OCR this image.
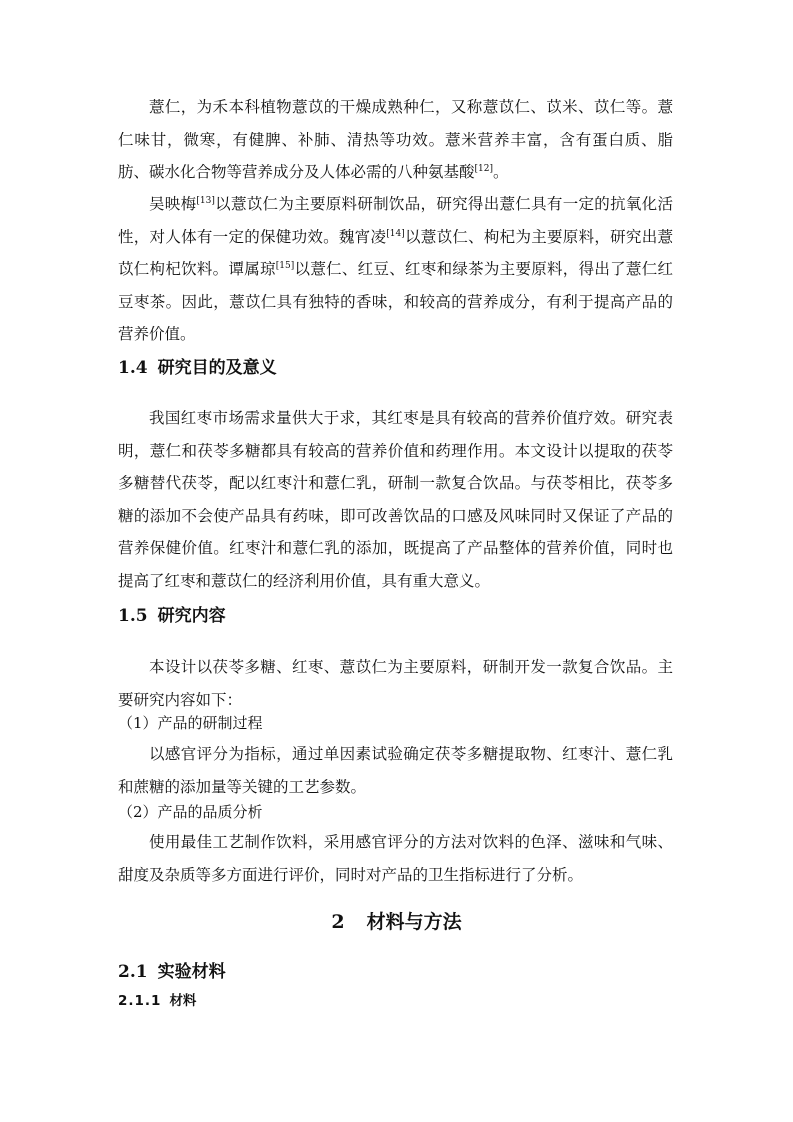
薏仁，为禾本科植物薏苡的干燥成熟种仁，又称薏苡仁、苡米、苡仁等。薏仁味甘，微寒，有健脾、补肺、清热等功效。薏米营养丰富，含有蛋白质、脂肪、碳水化合物等营养成分及人体必需的八种氨基酸[12]。

吴映梅[13]以薏苡仁为主要原料研制饮品，研究得出薏仁具有一定的抗氧化活性，对人体有一定的保健功效。魏宵凌[14]以薏苡仁、枸杞为主要原料，研究出薏苡仁枸杞饮料。谭属琼[15]以薏仁、红豆、红枣和绿茶为主要原料，得出了薏仁红豆枣茶。因此，薏苡仁具有独特的香味，和较高的营养成分，有利于提高产品的营养价值。

1.4 研究目的及意义

我国红枣市场需求量供大于求，其红枣是具有较高的营养价值疗效。研究表明，薏仁和茯苓多糖都具有较高的营养价值和药理作用。本文设计以提取的茯苓多糖替代茯苓，配以红枣汁和薏仁乳，研制一款复合饮品。与茯苓相比，茯苓多糖的添加不会使产品具有药味，即可改善饮品的口感及风味同时又保证了产品的营养保健价值。红枣汁和薏仁乳的添加，既提高了产品整体的营养价值，同时也提高了红枣和薏苡仁的经济利用价值，具有重大意义。

1.5 研究内容

本设计以茯苓多糖、红枣、薏苡仁为主要原料，研制开发一款复合饮品。主要研究内容如下：

（1）产品的研制过程

以感官评分为指标，通过单因素试验确定茯苓多糖提取物、红枣汁、薏仁乳和蔗糖的添加量等关键的工艺参数。

（2）产品的品质分析

使用最佳工艺制作饮料，采用感官评分的方法对饮料的色泽、滋味和气味、甜度及杂质等多方面进行评价，同时对产品的卫生指标进行了分析。

2 材料与方法
2.1 实验材料
2.1.1 材料
